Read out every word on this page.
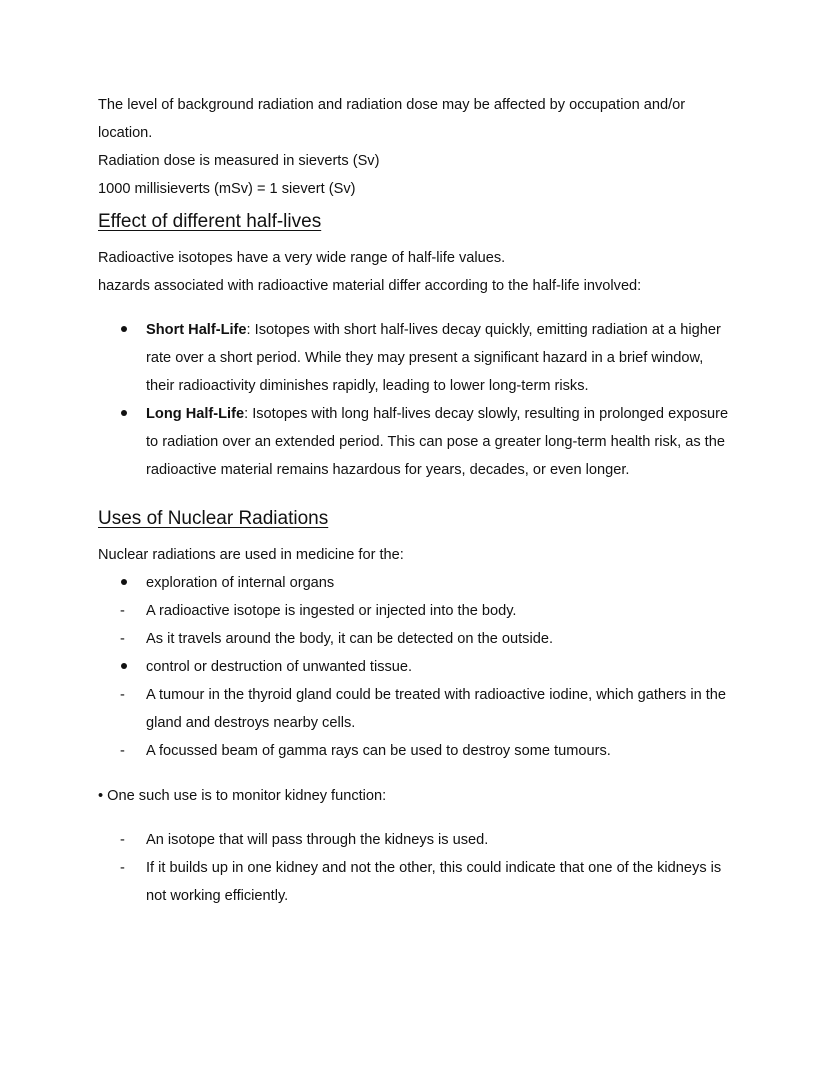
The level of background radiation and radiation dose may be affected by occupation and/or
location.
Radiation dose is measured in sieverts (Sv)
1000 millisieverts (mSv) = 1 sievert (Sv)
Effect of different half-lives
Radioactive isotopes have a very wide range of half-life values.
hazards associated with radioactive material differ according to the half-life involved:
Short Half-Life: Isotopes with short half-lives decay quickly, emitting radiation at a higher rate over a short period. While they may present a significant hazard in a brief window, their radioactivity diminishes rapidly, leading to lower long-term risks.
Long Half-Life: Isotopes with long half-lives decay slowly, resulting in prolonged exposure to radiation over an extended period. This can pose a greater long-term health risk, as the radioactive material remains hazardous for years, decades, or even longer.
Uses of Nuclear Radiations
Nuclear radiations are used in medicine for the:
exploration of internal organs
-	A radioactive isotope is ingested or injected into the body.
-	As it travels around the body, it can be detected on the outside.
control or destruction of unwanted tissue.
-	A tumour in the thyroid gland could be treated with radioactive iodine, which gathers in the gland and destroys nearby cells.
-	A focussed beam of gamma rays can be used to destroy some tumours.
• One such use is to monitor kidney function:
-	An isotope that will pass through the kidneys is used.
-	If it builds up in one kidney and not the other, this could indicate that one of the kidneys is not working efficiently.
